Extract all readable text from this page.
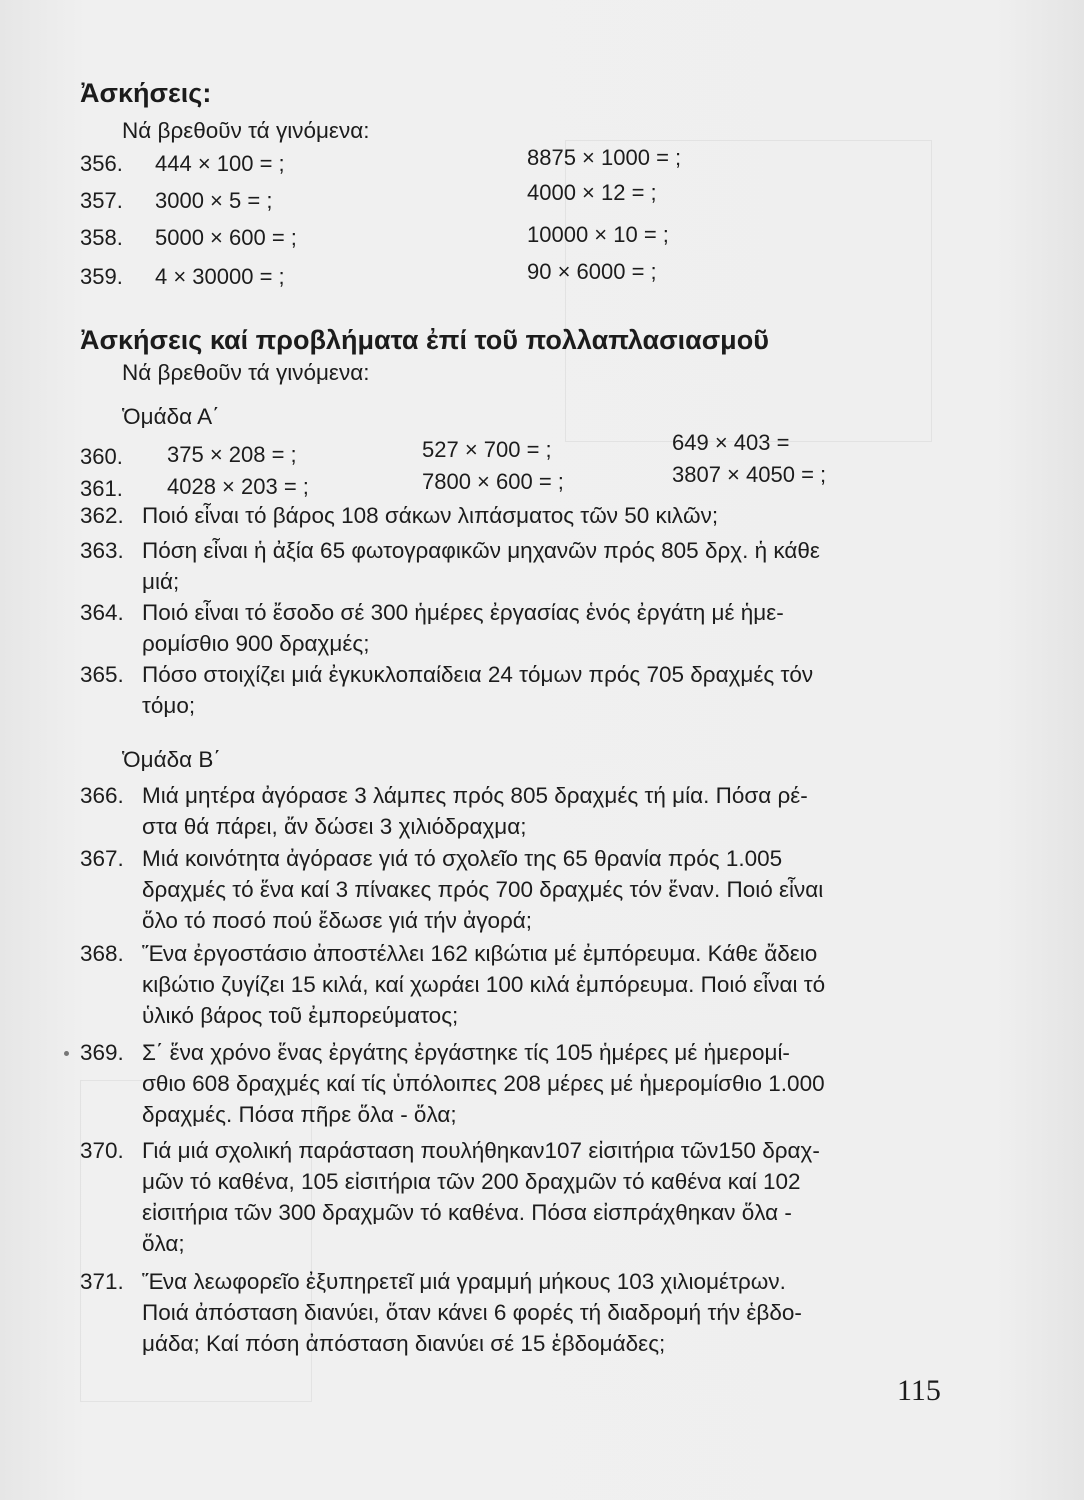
Ἀσκήσεις:
Νά βρεθοῦν τά γινόμενα:
356. 444 × 100 = ;	8875 × 1000 = ;
357. 3000 × 5 = ;	4000 × 12 = ;
358. 5000 × 600 = ;	10000 × 10 = ;
359. 4 × 30000 = ;	90 × 6000 = ;
Ἀσκήσεις καί προβλήματα ἐπί τοῦ πολλαπλασιασμοῦ
Νά βρεθοῦν τά γινόμενα:
Ὁμάδα Α΄
360. 375 × 208 = ;	527 × 700 = ;	649 × 403 =
361. 4028 × 203 = ;	7800 × 600 = ;	3807 × 4050 = ;
362. Ποιό εἶναι τό βάρος 108 σάκων λιπάσματος τῶν 50 κιλῶν;
363. Πόση εἶναι ἡ ἀξία 65 φωτογραφικῶν μηχανῶν πρός 805 δρχ. ἡ κάθε
μιά;
364. Ποιό εἶναι τό ἔσοδο σέ 300 ἡμέρες ἐργασίας ἑνός ἐργάτη μέ ἡμε-
ρομίσθιο 900 δραχμές;
365. Πόσο στοιχίζει μιά ἐγκυκλοπαίδεια 24 τόμων πρός 705 δραχμές τόν
τόμο;
Ὁμάδα Β΄
366. Μιά μητέρα ἀγόρασε 3 λάμπες πρός 805 δραχμές τή μία. Πόσα ρέ-
στα θά πάρει, ἄν δώσει 3 χιλιόδραχμα;
367. Μιά κοινότητα ἀγόρασε γιά τό σχολεῖο της 65 θρανία πρός 1.005
δραχμές τό ἕνα καί 3 πίνακες πρός 700 δραχμές τόν ἕναν. Ποιό εἶναι
ὅλο τό ποσό πού ἔδωσε γιά τήν ἀγορά;
368. Ἕνα ἐργοστάσιο ἀποστέλλει 162 κιβώτια μέ ἐμπόρευμα. Κάθε ἄδειο
κιβώτιο ζυγίζει 15 κιλά, καί χωράει 100 κιλά ἐμπόρευμα. Ποιό εἶναι τό
ὑλικό βάρος τοῦ ἐμπορεύματος;
369. Σ΄ ἕνα χρόνο ἕνας ἐργάτης ἐργάστηκε τίς 105 ἡμέρες μέ ἡμερομί-
σθιο 608 δραχμές καί τίς ὑπόλοιπες 208 μέρες μέ ἡμερομίσθιο 1.000
δραχμές. Πόσα πῆρε ὅλα - ὅλα;
370. Γιά μιά σχολική παράσταση πουλήθηκαν107 εἰσιτήρια τῶν150 δραχ-
μῶν τό καθένα, 105 εἰσιτήρια τῶν 200 δραχμῶν τό καθένα καί 102
εἰσιτήρια τῶν 300 δραχμῶν τό καθένα. Πόσα εἰσπράχθηκαν ὅλα -
ὅλα;
371. Ἕνα λεωφορεῖο ἐξυπηρετεῖ μιά γραμμή μήκους 103 χιλιομέτρων.
Ποιά ἀπόσταση διανύει, ὅταν κάνει 6 φορές τή διαδρομή τήν ἑβδο-
μάδα; Καί πόση ἀπόσταση διανύει σέ 15 ἑβδομάδες;
115
